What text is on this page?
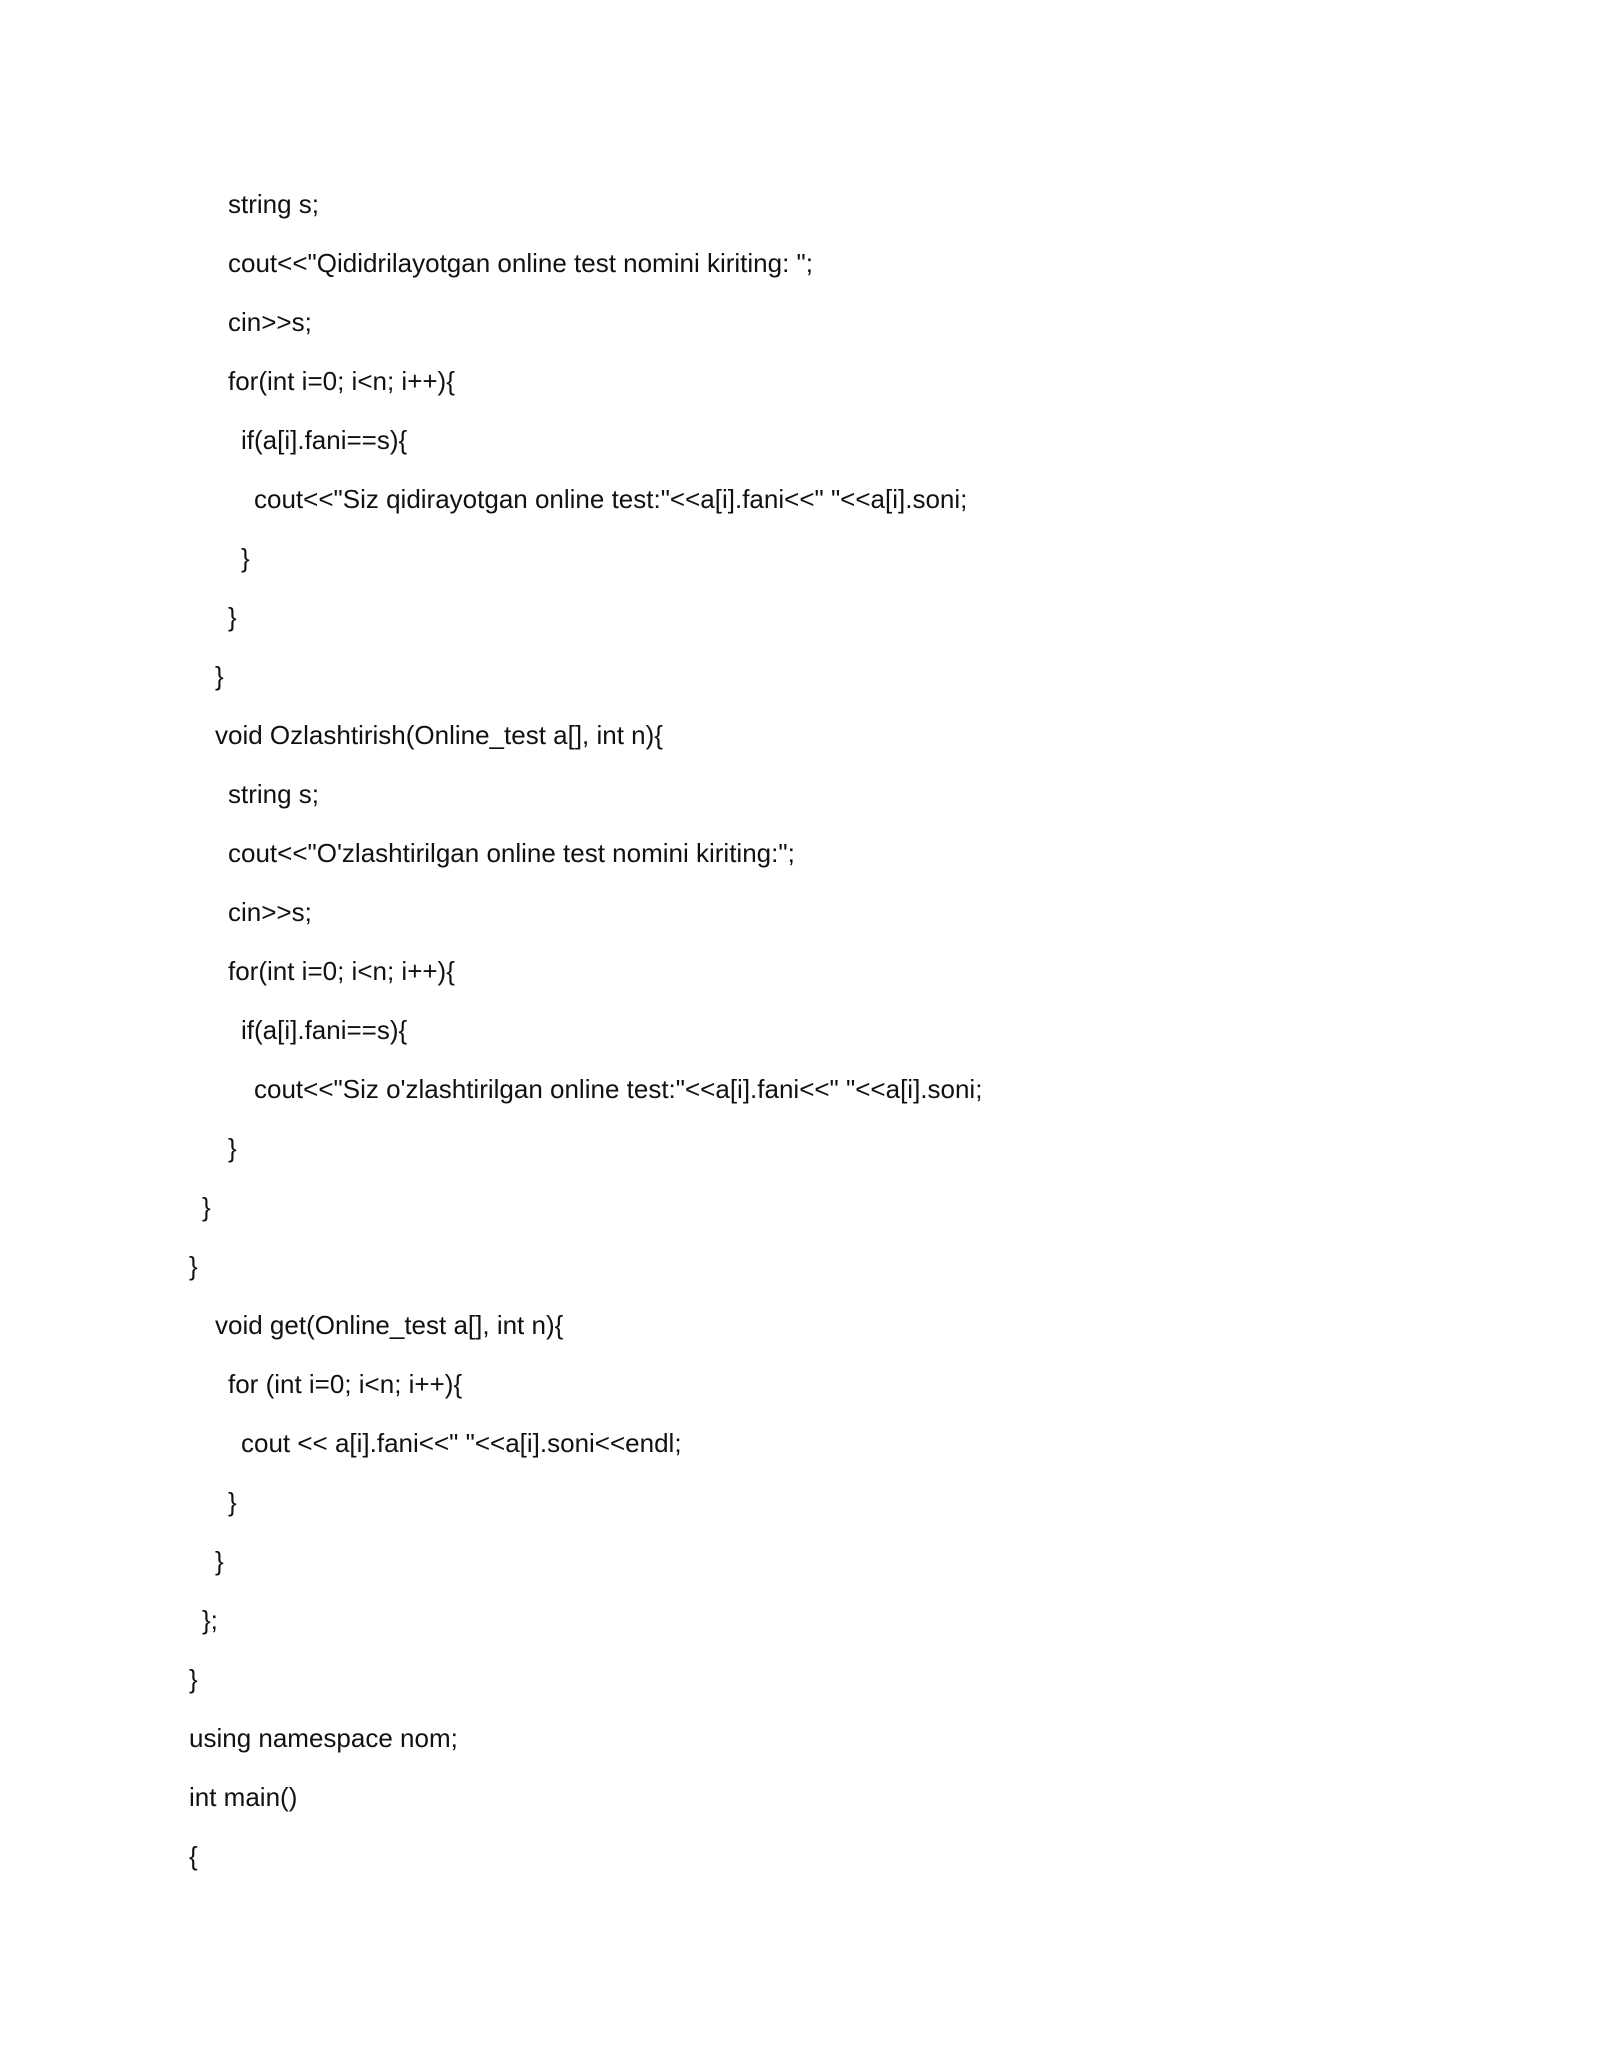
string s;
cout<<"Qididrilayotgan online test nomini kiriting: ";
cin>>s;
for(int i=0; i<n; i++){
if(a[i].fani==s){
cout<<"Siz qidirayotgan online test:"<<a[i].fani<<" "<<a[i].soni;
}
}
}
void Ozlashtirish(Online_test a[], int n){
string s;
cout<<"O'zlashtirilgan online test nomini kiriting:";
cin>>s;
for(int i=0; i<n; i++){
if(a[i].fani==s){
cout<<"Siz o'zlashtirilgan online test:"<<a[i].fani<<" "<<a[i].soni;
}
}
}
void get(Online_test a[], int n){
for (int i=0; i<n; i++){
cout << a[i].fani<<" "<<a[i].soni<<endl;
}
}
};
}
using namespace nom;
int main()
{
